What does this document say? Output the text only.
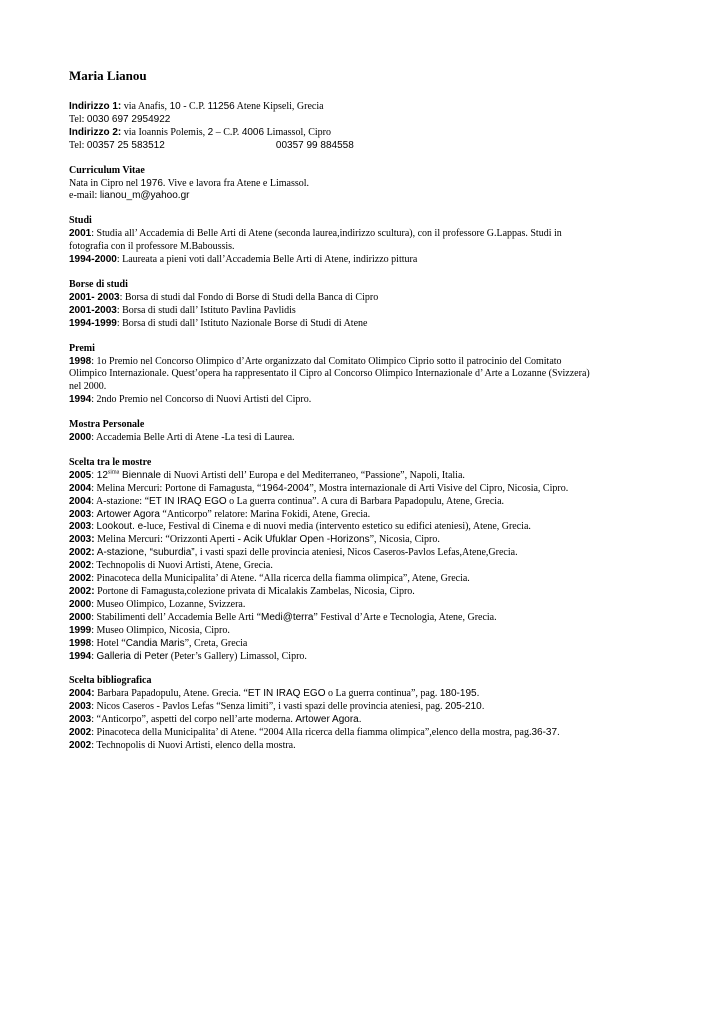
Maria Lianou

Indirizzo 1: via Anafis, 10 - C.P. 11256 Atene Kipseli, Grecia

Tel: 0030 697 2954922

Indirizzo 2: via Ioannis Polemis, 2 – C.P. 4006 Limassol, Cipro

Tel: 00357 25 583512	00357 99 884558

Curriculum Vitae

Nata in Cipro nel 1976. Vive e lavora fra Atene e Limassol.

e-mail: lianou_m@yahoo.gr

Studi

2001: Studia all’ Accademia di Belle Arti di Atene (seconda laurea,indirizzo scultura), con il professore G.Lappas. Studi in

fotografia con il professore M.Baboussis.

1994-2000: Laureata a pieni voti dall’Accademia Belle Arti di Atene, indirizzo pittura

Borse di studi

2001- 2003: Borsa di studi dal Fondo di Borse di Studi della Banca di Cipro

2001-2003: Borsa di studi dall’ Istituto Pavlina Pavlidis

1994-1999: Borsa di studi dall’ Istituto Nazionale Borse di Studi di Atene

Premi

1998: 1o Premio nel Concorso Olimpico d’Arte organizzato dal Comitato Olimpico Ciprio sotto il patrocinio del Comitato

Olimpico Internazionale. Quest’opera ha rappresentato il Cipro al Concorso Olimpico Internazionale d’ Arte a Lozanne (Svizzera)

nel 2000.

1994: 2ndo Premio nel Concorso di Nuovi Artisti del Cipro.

Mostra Personale

2000: Accademia Belle Arti di Atene -La tesi di Laurea.

Scelta tra le mostre

2005: $12^{sima}$ Biennale di Nuovi Artisti dell’ Europa e del Mediterraneo, “Passione”, Napoli, Italia.

2004: Melina Mercuri: Portone di Famagusta, “1964-2004”, Mostra internazionale di Arti Visive del Cipro, Nicosia, Cipro.

2004: A-stazione: “ET IN IRAQ EGO o La guerra continua”. A cura di Barbara Papadopulu, Atene, Grecia.

2003: Artower Agora “Anticorpo” relatore: Marina Fokidi, Atene, Grecia.

2003: Lookout. e-luce, Festival di Cinema e di nuovi media (intervento estetico su edifici ateniesi), Atene, Grecia.

2003: Melina Mercuri: “Orizzonti Aperti - Acik Ufuklar Open -Horizons”, Nicosia, Cipro.

2002: A-stazione, “suburdia”, i vasti spazi delle provincia ateniesi, Nicos Caseros-Pavlos Lefas,Atene,Grecia.

2002: Technopolis di Nuovi Artisti, Atene, Grecia.

2002: Pinacoteca della Municipalita’ di Atene. “Alla ricerca della fiamma olimpica”, Atene, Grecia.

2002: Portone di Famagusta,colezione privata di Micalakis Zambelas, Nicosia, Cipro.

2000: Museo Olimpico, Lozanne, Svizzera.

2000: Stabilimenti dell’ Accademia Belle Arti “Medi@terra” Festival d’Arte e Tecnologia, Atene, Grecia.

1999: Museo Olimpico, Nicosia, Cipro.

1998: Hotel “Candia Maris”, Creta, Grecia

1994: Galleria di Peter (Peter’s Gallery) Limassol, Cipro.

Scelta bibliografica

2004: Barbara Papadopulu, Atene. Grecia. “ET IN IRAQ EGO o La guerra continua”, pag. 180-195.

2003: Nicos Caseros - Pavlos Lefas “Senza limiti”, i vasti spazi delle provincia ateniesi, pag. 205-210.

2003: “Anticorpo”, aspetti del corpo nell’arte moderna. Artower Agora.

2002: Pinacoteca della Municipalita’ di Atene. “2004 Alla ricerca della fiamma olimpica”,elenco della mostra, pag.36-37.

2002: Technopolis di Nuovi Artisti, elenco della mostra.
